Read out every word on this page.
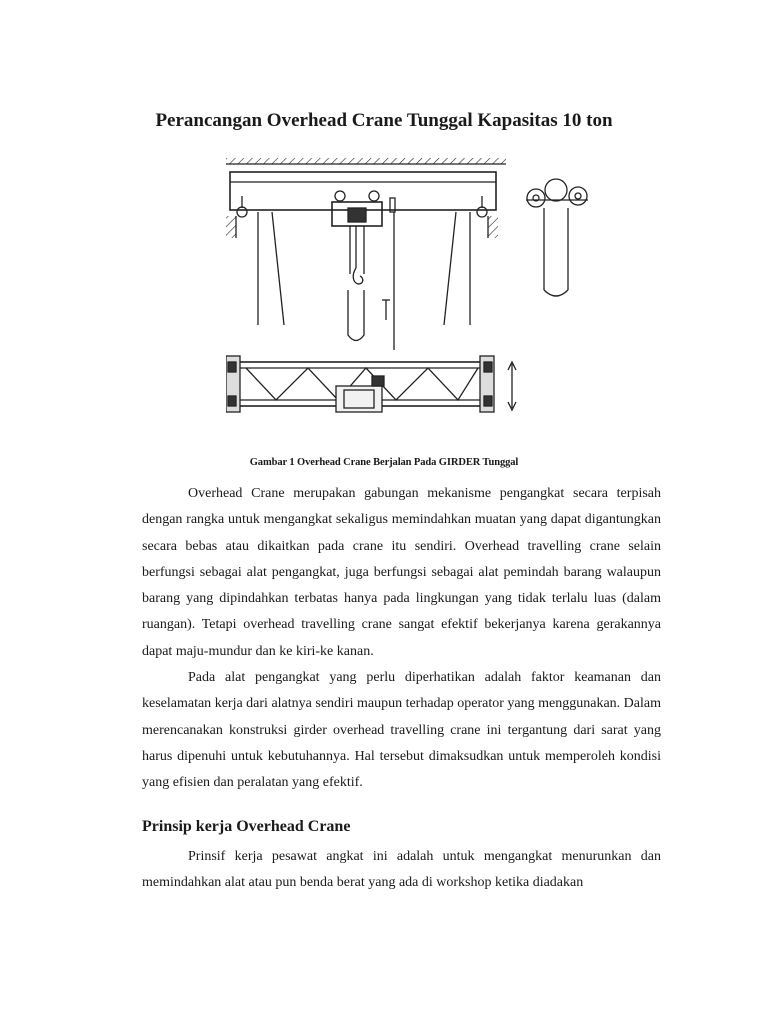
Perancangan Overhead Crane Tunggal Kapasitas 10 ton
Gambar 1 Overhead Crane Berjalan Pada GIRDER Tunggal

Overhead Crane merupakan gabungan mekanisme pengangkat secara terpisah dengan rangka untuk mengangkat sekaligus memindahkan muatan yang dapat digantungkan secara bebas atau dikaitkan pada crane itu sendiri. Overhead travelling crane selain berfungsi sebagai alat pengangkat, juga berfungsi sebagai alat pemindah barang walaupun barang yang dipindahkan terbatas hanya pada lingkungan yang tidak terlalu luas (dalam ruangan). Tetapi overhead travelling crane sangat efektif bekerjanya karena gerakannya dapat maju-mundur dan ke kiri-ke kanan.

Pada alat pengangkat yang perlu diperhatikan adalah faktor keamanan dan keselamatan kerja dari alatnya sendiri maupun terhadap operator yang menggunakan. Dalam merencanakan konstruksi girder overhead travelling crane ini tergantung dari sarat yang harus dipenuhi untuk kebutuhannya. Hal tersebut dimaksudkan untuk memperoleh kondisi yang efisien dan peralatan yang efektif.

Prinsip kerja Overhead Crane

Prinsif kerja pesawat angkat ini adalah untuk mengangkat menurunkan dan memindahkan alat atau pun benda berat yang ada di workshop ketika diadakan
